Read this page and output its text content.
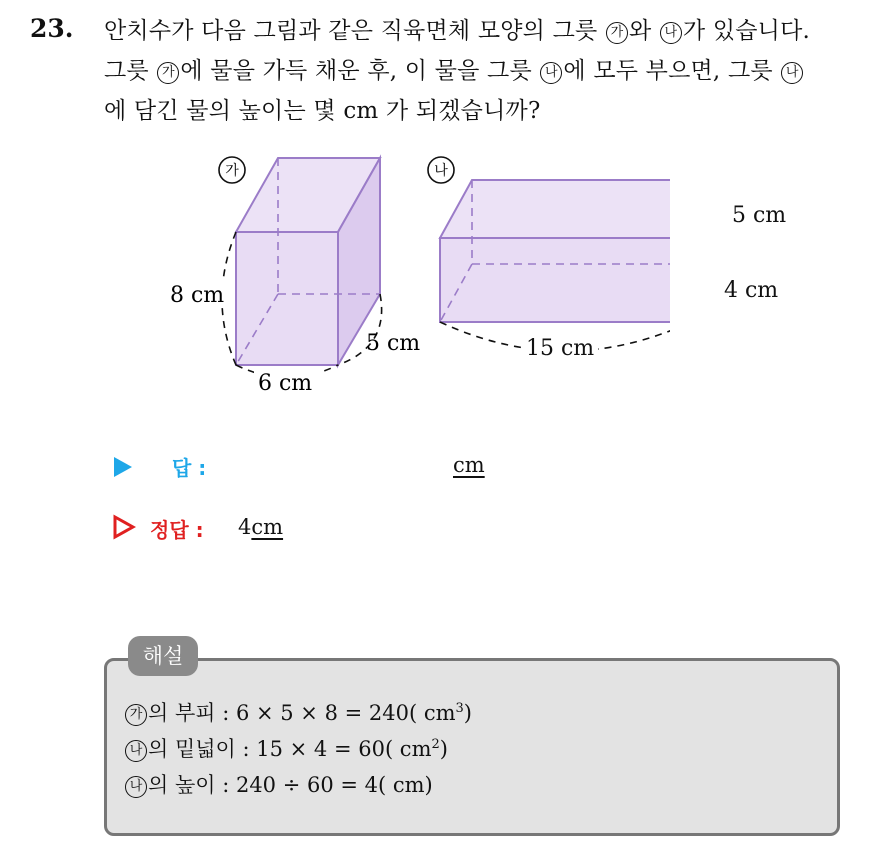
23. 안치수가 다음 그림과 같은 직육면체 모양의 그릇 가 와 나 가 있습니다.
그릇 가 에 물을 가득 채운 후, 이 물을 그릇 나 에 모두 부으면, 그릇 나
에 담긴 물의 높이는 몇 cm 가 되겠습니까?
가
8 cm
5 cm
6 cm
나
5 cm
4 cm
15 cm
답 :	cm
정답 : 4cm
해설
가 의 부피 : 6 × 5 × 8 = 240( $cm^3$)
나 의 밑넓이 : 15 × 4 = 60( $cm^2$)
나 의 높이 : 240 ÷ 60 = 4( cm)
